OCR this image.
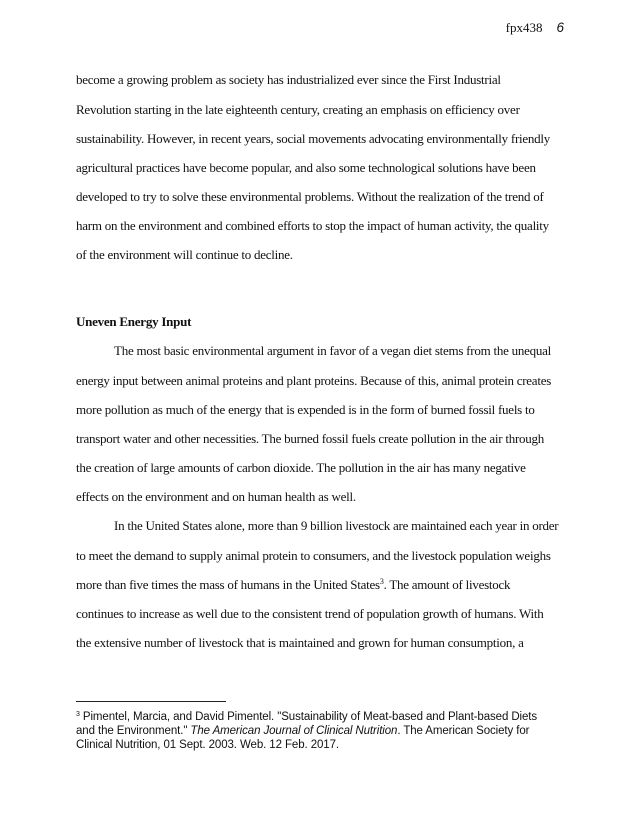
fpx438 6
become a growing problem as society has industrialized ever since the First Industrial
Revolution starting in the late eighteenth century, creating an emphasis on efficiency over
sustainability. However, in recent years, social movements advocating environmentally friendly
agricultural practices have become popular, and also some technological solutions have been
developed to try to solve these environmental problems. Without the realization of the trend of
harm on the environment and combined efforts to stop the impact of human activity, the quality
of the environment will continue to decline.
Uneven Energy Input
The most basic environmental argument in favor of a vegan diet stems from the unequal
energy input between animal proteins and plant proteins. Because of this, animal protein creates
more pollution as much of the energy that is expended is in the form of burned fossil fuels to
transport water and other necessities. The burned fossil fuels create pollution in the air through
the creation of large amounts of carbon dioxide. The pollution in the air has many negative
effects on the environment and on human health as well.
In the United States alone, more than 9 billion livestock are maintained each year in order
to meet the demand to supply animal protein to consumers, and the livestock population weighs
more than five times the mass of humans in the United States$^3$. The amount of livestock
continues to increase as well due to the consistent trend of population growth of humans. With
the extensive number of livestock that is maintained and grown for human consumption, a
$^3$ Pimentel, Marcia, and David Pimentel. "Sustainability of Meat-based and Plant-based Diets
and the Environment." The American Journal of Clinical Nutrition. The American Society for
Clinical Nutrition, 01 Sept. 2003. Web. 12 Feb. 2017.
